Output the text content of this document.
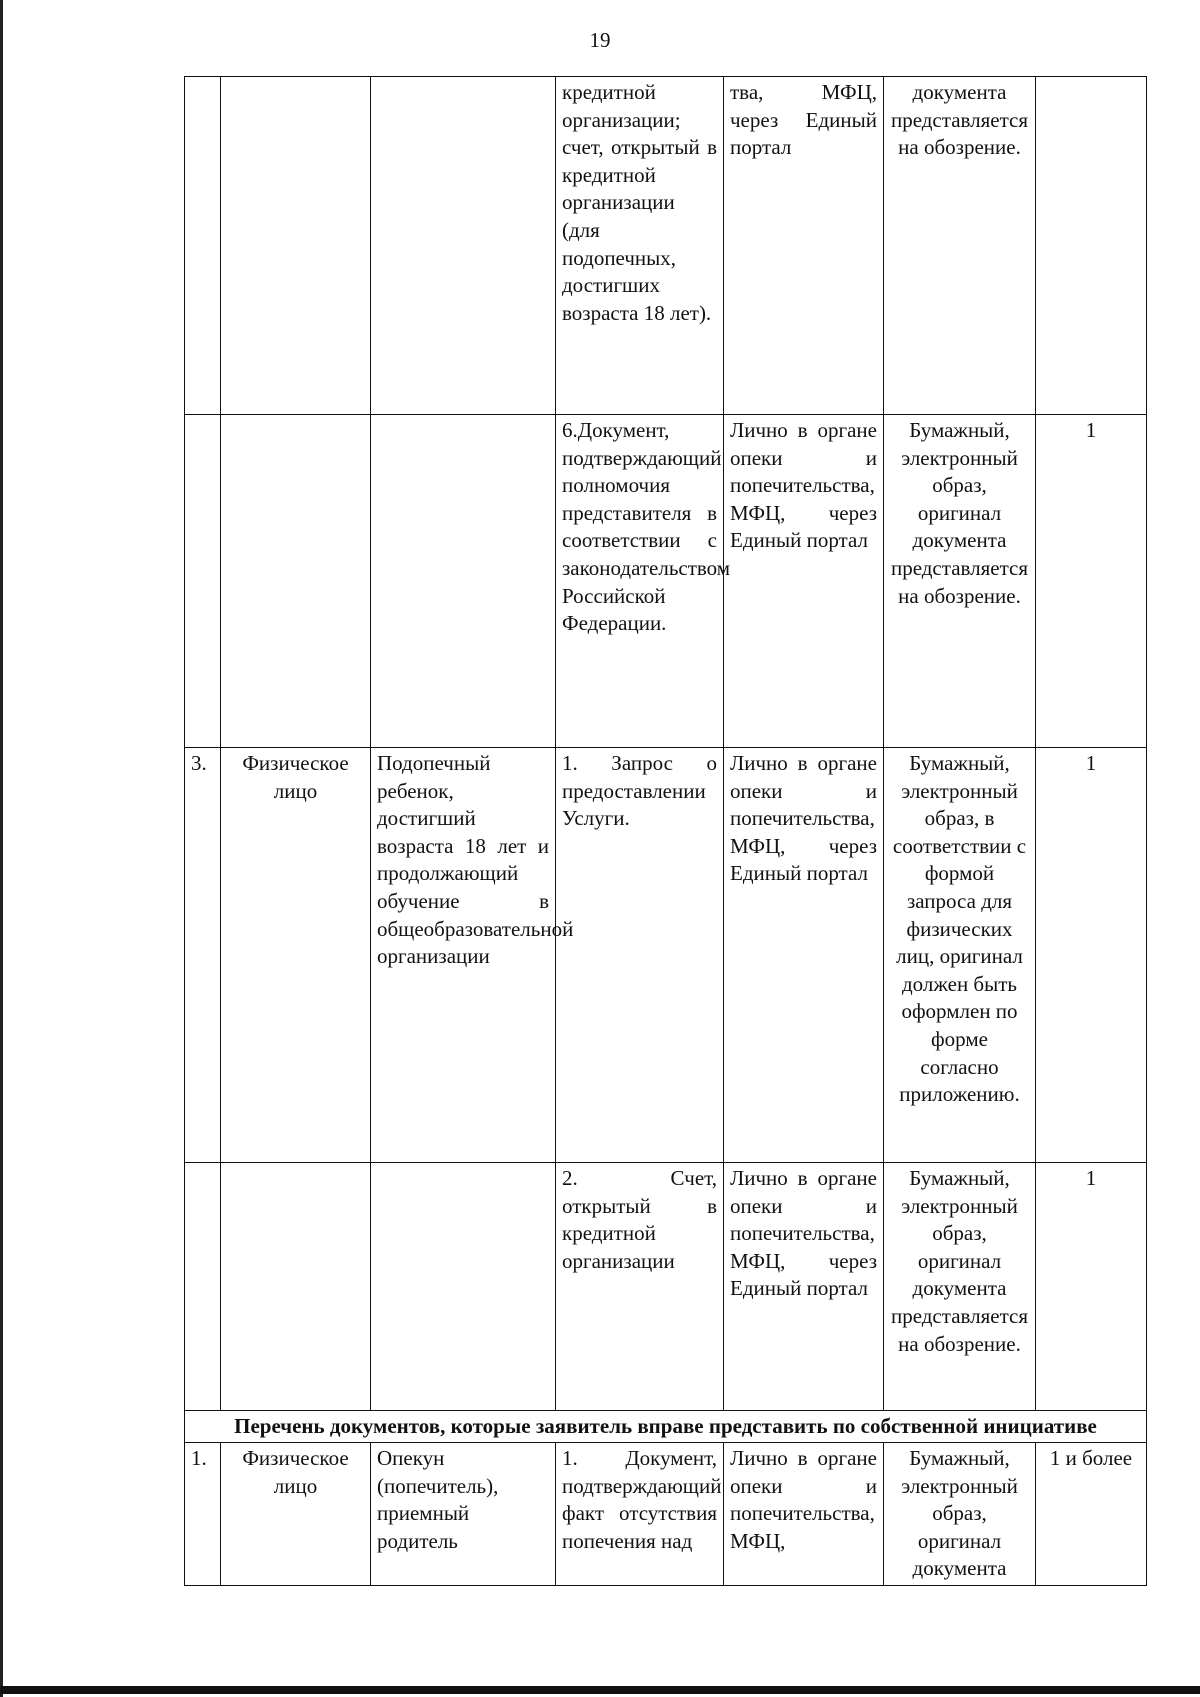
19
			кредитной организации; счет, открытый в кредитной организации (для подопечных, достигших возраста 18 лет).	тва, МФЦ, через Единый портал	документа представляется на обозрение.	
			6.Документ, подтверждающий полномочия представителя в соответствии с законодательством Российской Федерации.	Лично в органе опеки и попечительства, МФЦ, через Единый портал	Бумажный, электронный образ, оригинал документа представляется на обозрение.	1
3.	Физическое лицо	Подопечный ребенок, достигший возраста 18 лет и продолжающий обучение в общеобразовательной организации	1. Запрос о предоставлении Услуги.	Лично в органе опеки и попечительства, МФЦ, через Единый портал	Бумажный, электронный образ, в соответствии с формой запроса для физических лиц, оригинал должен быть оформлен по форме согласно приложению.	1
			2. Счет, открытый в кредитной организации	Лично в органе опеки и попечительства, МФЦ, через Единый портал	Бумажный, электронный образ, оригинал документа представляется на обозрение.	1
Перечень документов, которые заявитель вправе представить по собственной инициативе						
1.	Физическое лицо	Опекун (попечитель), приемный родитель	1. Документ, подтверждающий факт отсутствия попечения над	Лично в органе опеки и попечительства, МФЦ,	Бумажный, электронный образ, оригинал документа	1 и более
